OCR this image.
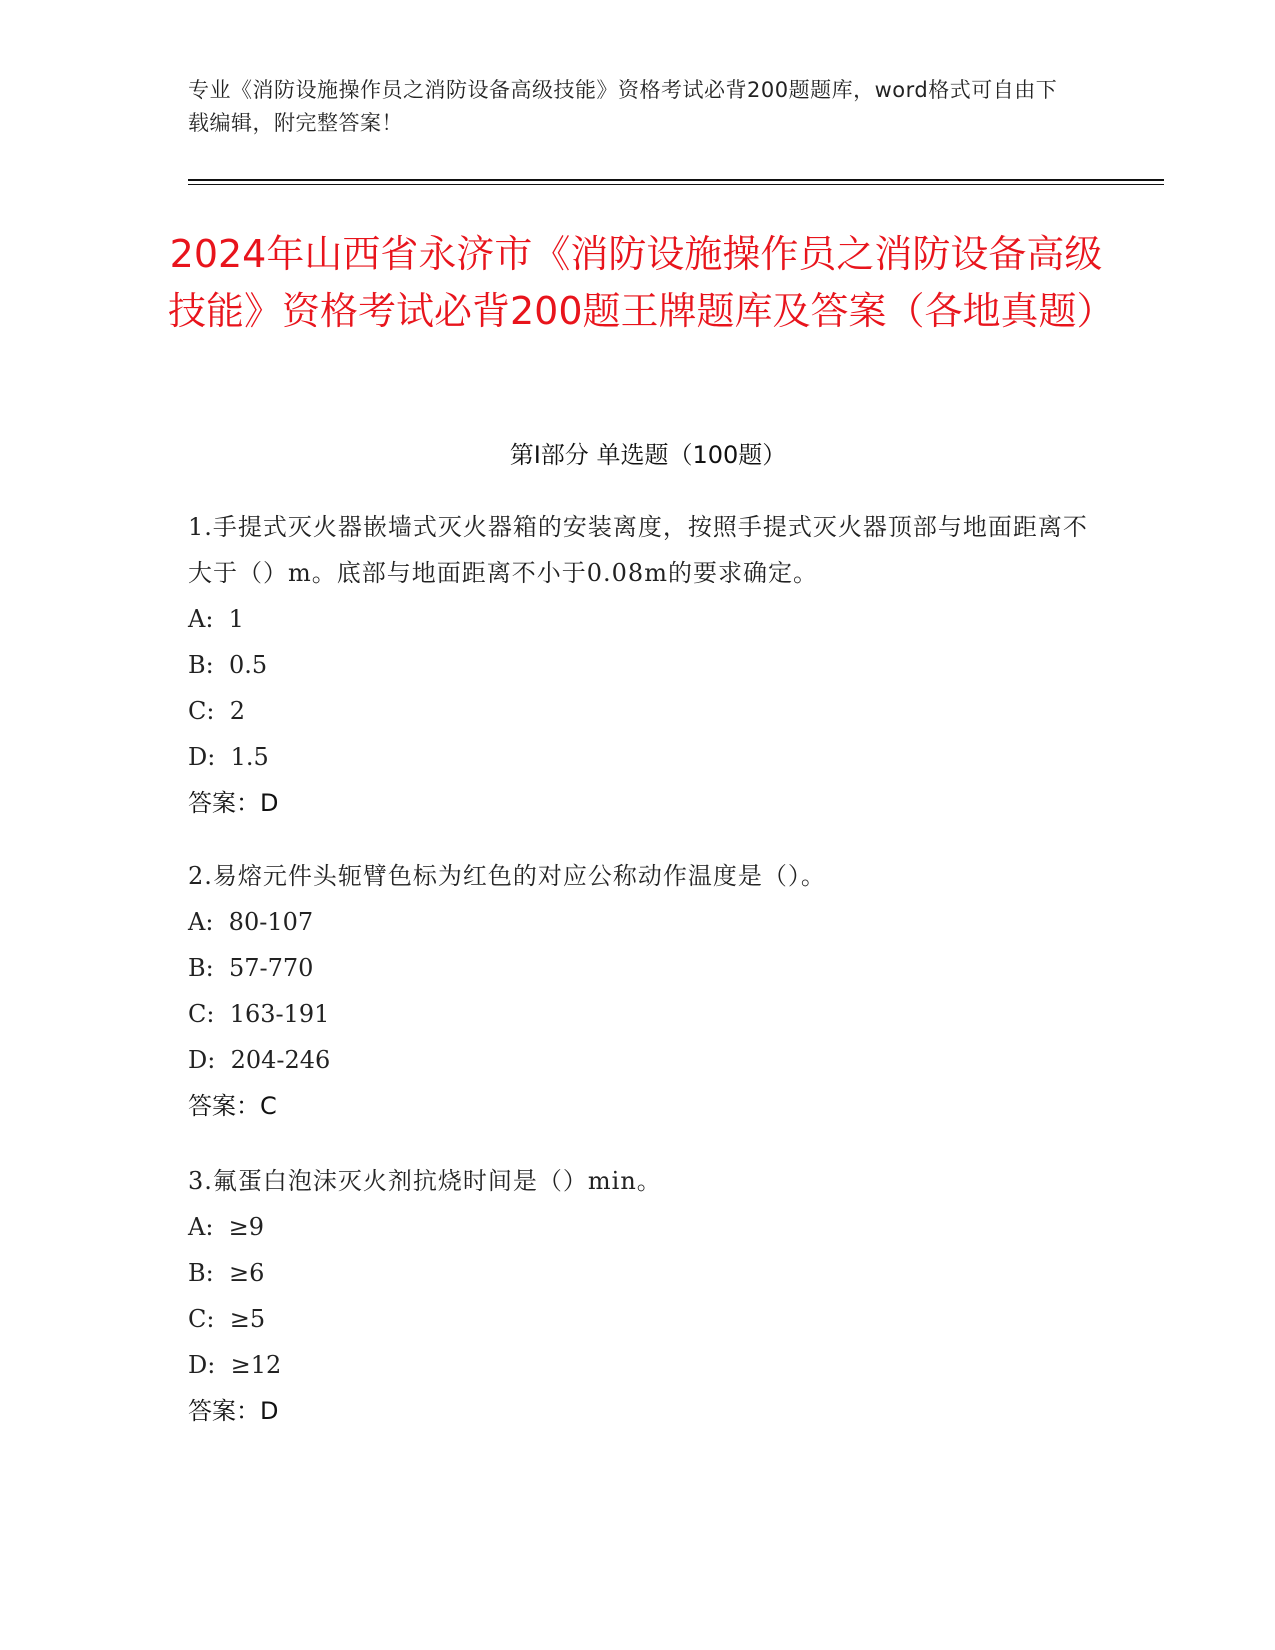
专业《消防设施操作员之消防设备高级技能》资格考试必背200题题库，word格式可自由下载编辑，附完整答案！
2024年山西省永济市《消防设施操作员之消防设备高级技能》资格考试必背200题王牌题库及答案（各地真题）
第I部分 单选题（100题）

1.手提式灭火器嵌墙式灭火器箱的安装离度，按照手提式灭火器顶部与地面距离不大于（）m。底部与地面距离不小于0.08m的要求确定。

A:  1

B:  0.5

C:  2

D:  1.5

答案：D

2.易熔元件头轭臂色标为红色的对应公称动作温度是（）。

A:  80-107

B:  57-770

C:  163-191

D:  204-246

答案：C

3.氟蛋白泡沫灭火剂抗烧时间是（）min。

A:  ≥9

B:  ≥6

C:  ≥5

D:  ≥12

答案：D
